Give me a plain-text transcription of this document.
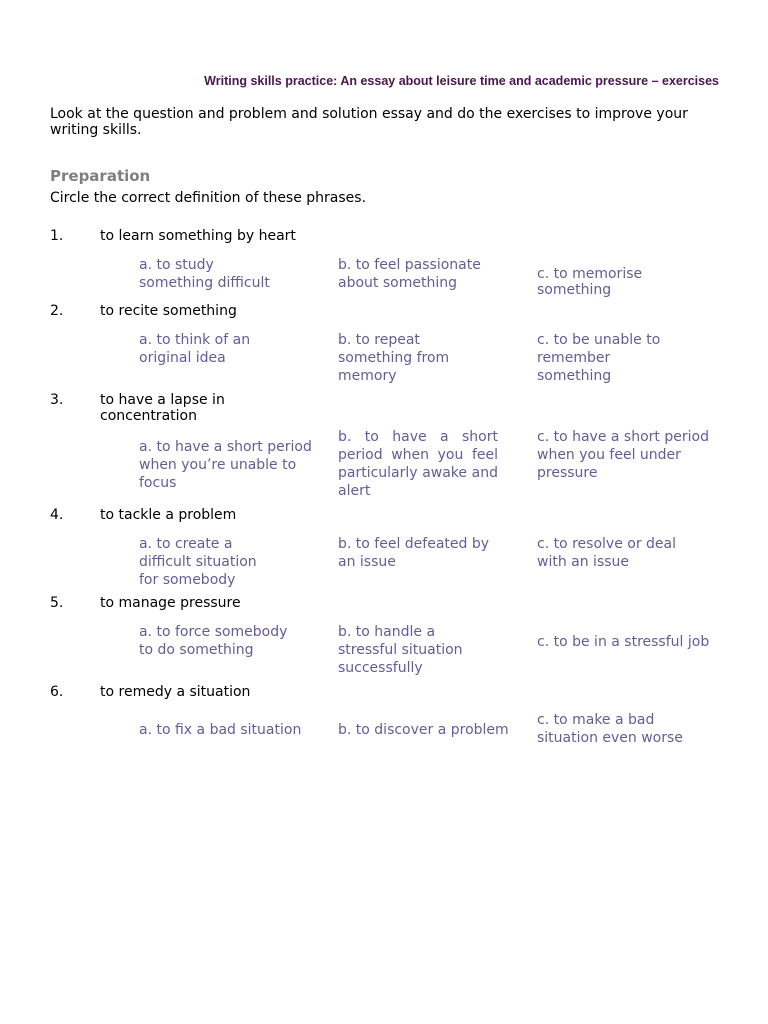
Writing skills practice: An essay about leisure time and academic pressure – exercises
Look at the question and problem and solution essay and do the exercises to improve your writing skills.
Preparation
Circle the correct definition of these phrases.
1.	to learn something by heart
a. to study something difficult
b. to feel passionate about something
c. to memorise something
2.	to recite something
a. to think of an original idea
b. to repeat something from memory
c. to be unable to remember something
3.	to have a lapse in concentration
a. to have a short period when you’re unable to focus
b. to have a short period when you feel particularly awake and alert
c. to have a short period when you feel under pressure
4.	to tackle a problem
a. to create a difficult situation for somebody
b. to feel defeated by an issue
c. to resolve or deal with an issue
5.	to manage pressure
a. to force somebody to do something
b. to handle a stressful situation successfully
c. to be in a stressful job
6.	to remedy a situation
a. to fix a bad situation	b. to discover a problem
c. to make a bad situation even worse
